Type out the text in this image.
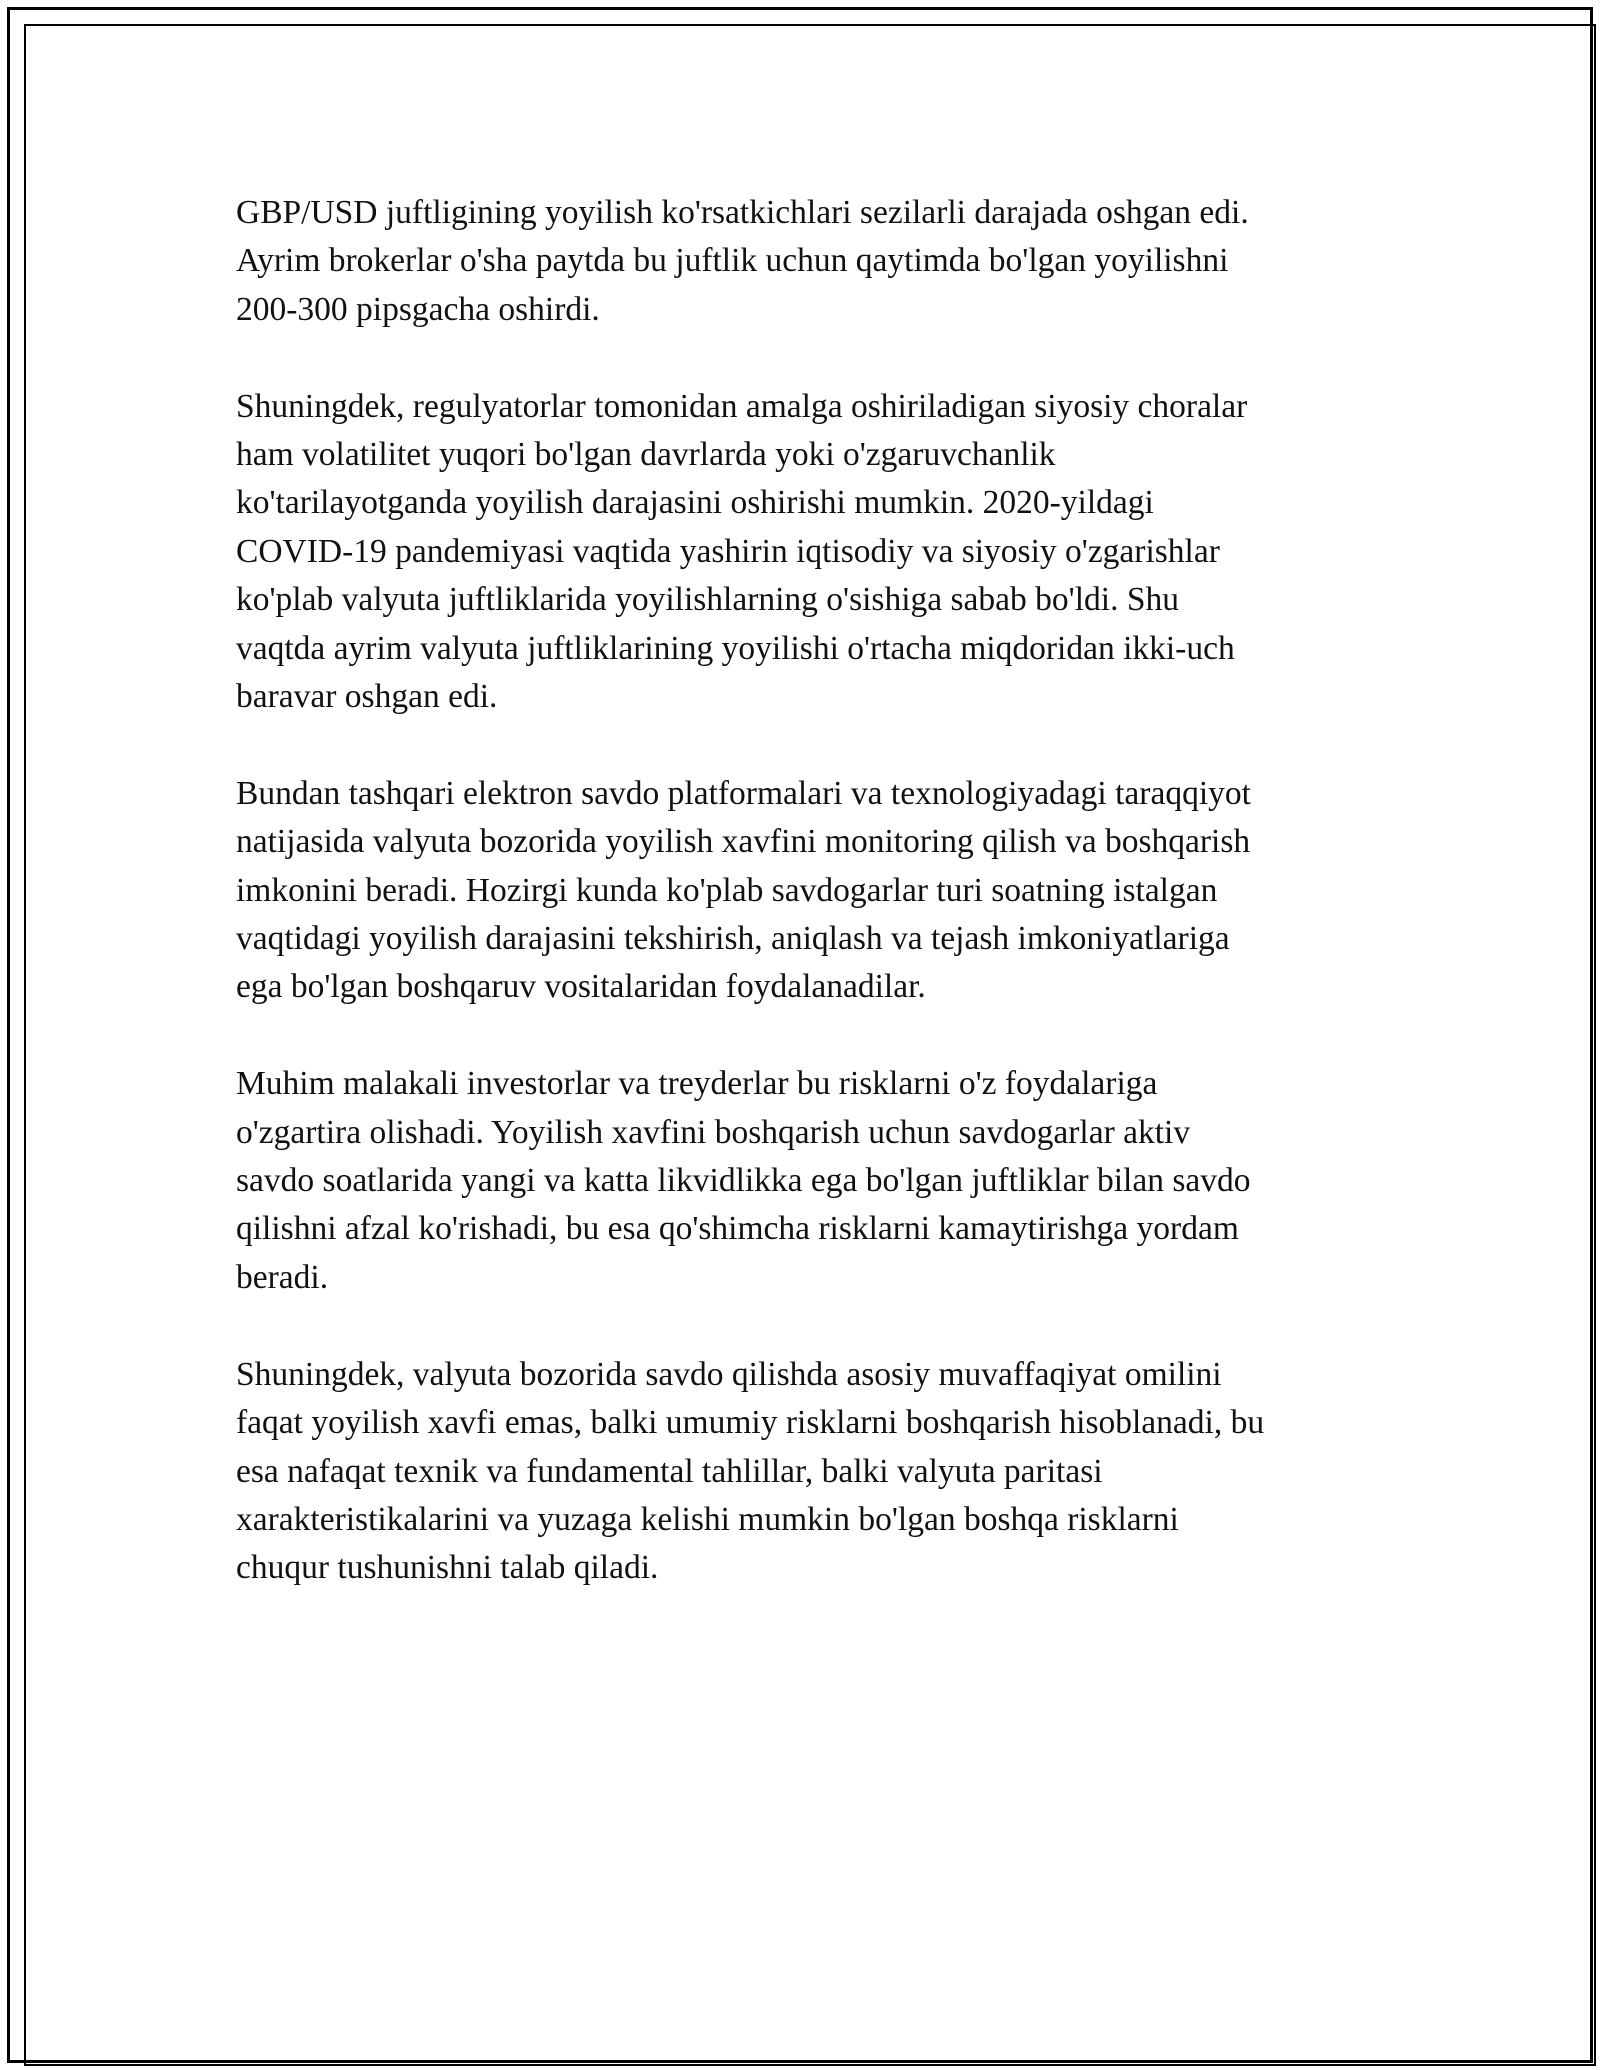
GBP/USD juftligining yoyilish ko'rsatkichlari sezilarli darajada oshgan edi.
Ayrim brokerlar o'sha paytda bu juftlik uchun qaytimda bo'lgan yoyilishni
200-300 pipsgacha oshirdi.

Shuningdek, regulyatorlar tomonidan amalga oshiriladigan siyosiy choralar
ham volatilitet yuqori bo'lgan davrlarda yoki o'zgaruvchanlik
ko'tarilayotganda yoyilish darajasini oshirishi mumkin. 2020-yildagi
COVID-19 pandemiyasi vaqtida yashirin iqtisodiy va siyosiy o'zgarishlar
ko'plab valyuta juftliklarida yoyilishlarning o'sishiga sabab bo'ldi. Shu
vaqtda ayrim valyuta juftliklarining yoyilishi o'rtacha miqdoridan ikki-uch
baravar oshgan edi.

Bundan tashqari elektron savdo platformalari va texnologiyadagi taraqqiyot
natijasida valyuta bozorida yoyilish xavfini monitoring qilish va boshqarish
imkonini beradi. Hozirgi kunda ko'plab savdogarlar turi soatning istalgan
vaqtidagi yoyilish darajasini tekshirish, aniqlash va tejash imkoniyatlariga
ega bo'lgan boshqaruv vositalaridan foydalanadilar.

Muhim malakali investorlar va treyderlar bu risklarni o'z foydalariga
o'zgartira olishadi. Yoyilish xavfini boshqarish uchun savdogarlar aktiv
savdo soatlarida yangi va katta likvidlikka ega bo'lgan juftliklar bilan savdo
qilishni afzal ko'rishadi, bu esa qo'shimcha risklarni kamaytirishga yordam
beradi.

Shuningdek, valyuta bozorida savdo qilishda asosiy muvaffaqiyat omilini
faqat yoyilish xavfi emas, balki umumiy risklarni boshqarish hisoblanadi, bu
esa nafaqat texnik va fundamental tahlillar, balki valyuta paritasi
xarakteristikalarini va yuzaga kelishi mumkin bo'lgan boshqa risklarni
chuqur tushunishni talab qiladi.
